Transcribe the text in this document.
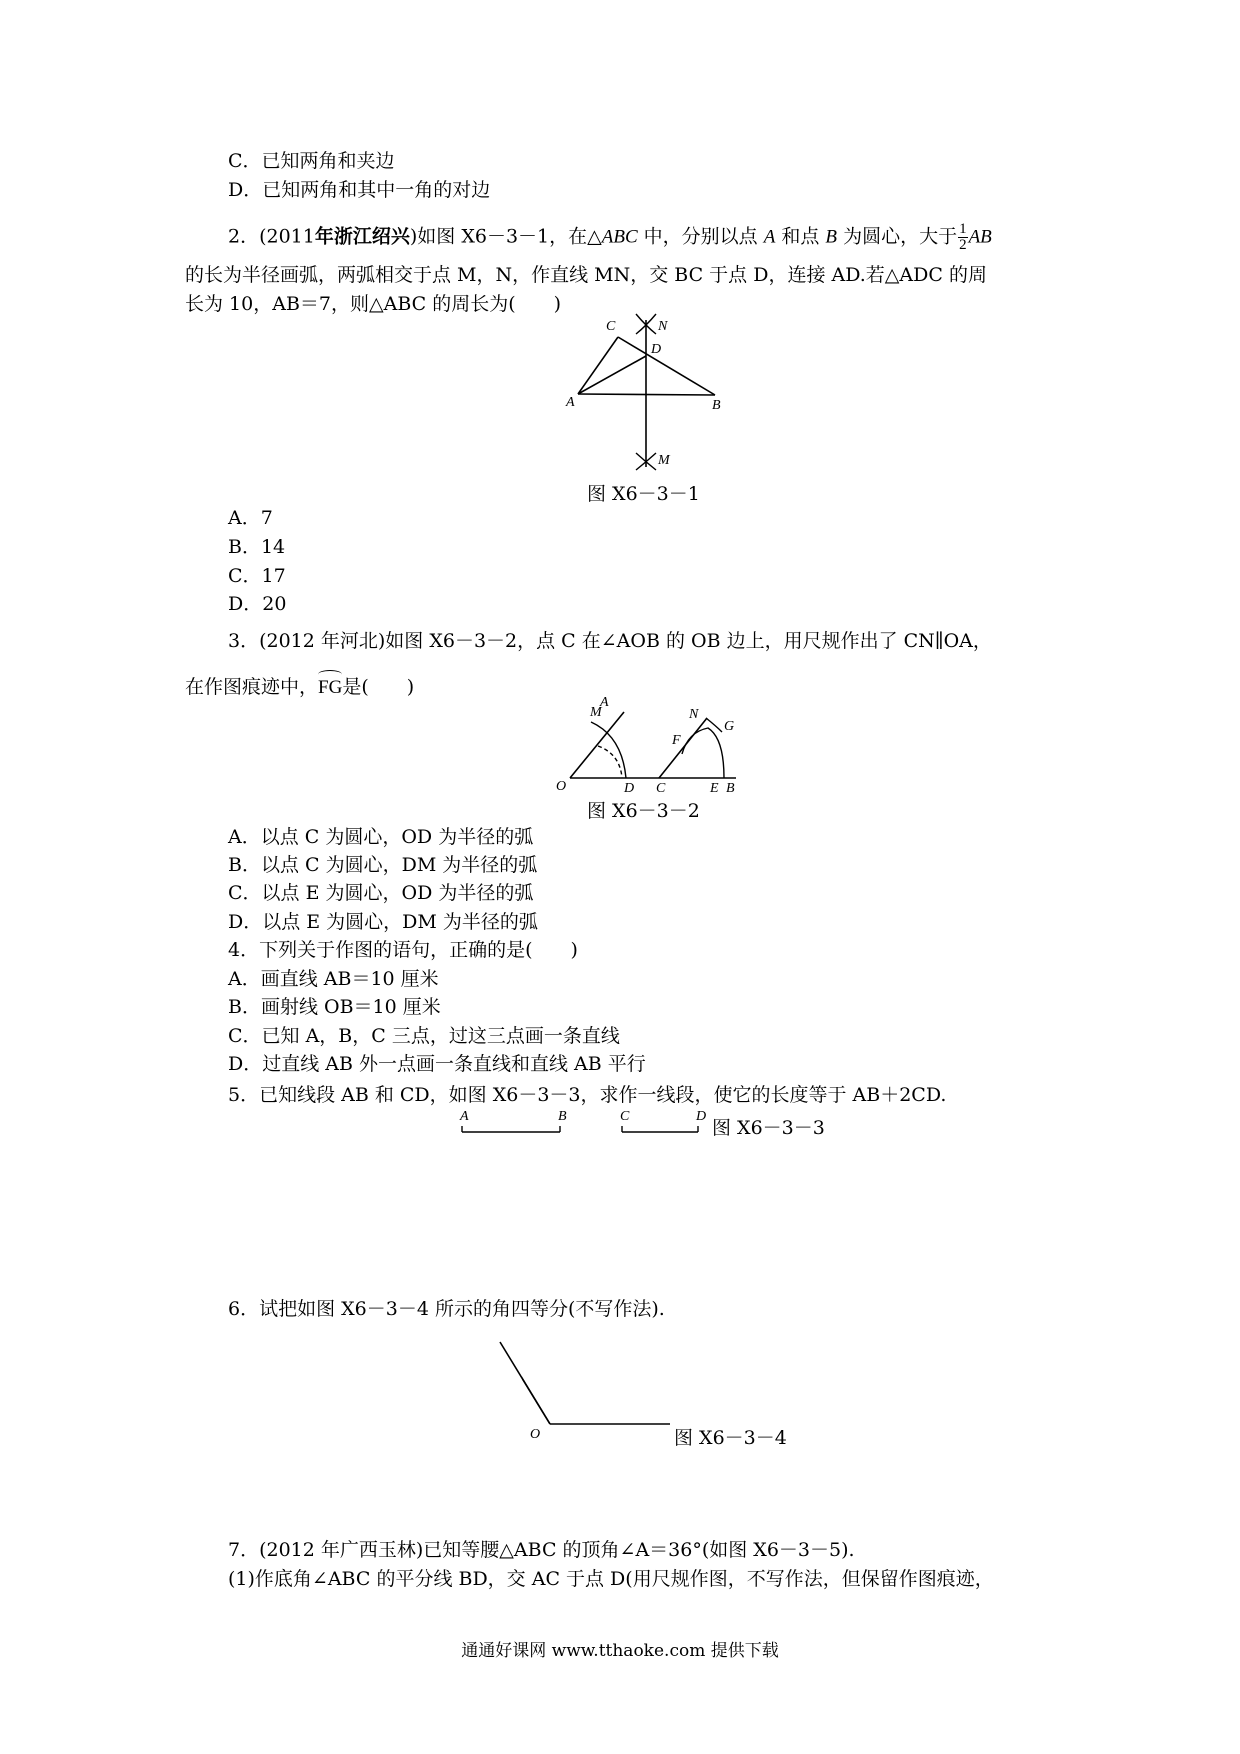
C．已知两角和夹边
D．已知两角和其中一角的对边
2．(2011年浙江绍兴)如图 X6－3－1，在△ABC 中，分别以点 A 和点 B 为圆心，大于 $\frac{1}{2}$ AB
的长为半径画弧，两弧相交于点 M，N，作直线 MN，交 BC 于点 D，连接 AD.若△ADC 的周
长为 10，AB＝7，则△ABC 的周长为(　　)
C	N
D
A	B
M
图 X6－3－1
A．7
B．14
C．17
D．20
3．(2012 年河北)如图 X6－3－2，点 C 在∠AOB 的 OB 边上，用尺规作出了 CN∥OA，
在作图痕迹中，FG是(　　)
A
M
O	D C
F
N
G
E B
图 X6－3－2
A．以点 C 为圆心，OD 为半径的弧
B．以点 C 为圆心，DM 为半径的弧
C．以点 E 为圆心，OD 为半径的弧
D．以点 E 为圆心，DM 为半径的弧
4．下列关于作图的语句，正确的是(　　)
A．画直线 AB＝10 厘米
B．画射线 OB＝10 厘米
C．已知 A，B，C 三点，过这三点画一条直线
D．过直线 AB 外一点画一条直线和直线 AB 平行
5．已知线段 AB 和 CD，如图 X6－3－3，求作一线段，使它的长度等于 AB＋2CD.
A	B	C	D
图 X6－3－3
6．试把如图 X6－3－4 所示的角四等分(不写作法).
O	图 X6－3－4
7．(2012 年广西玉林)已知等腰△ABC 的顶角∠A＝36°(如图 X6－3－5).
(1)作底角∠ABC 的平分线 BD，交 AC 于点 D(用尺规作图，不写作法，但保留作图痕迹，
通通好课网 www.tthaoke.com 提供下载
